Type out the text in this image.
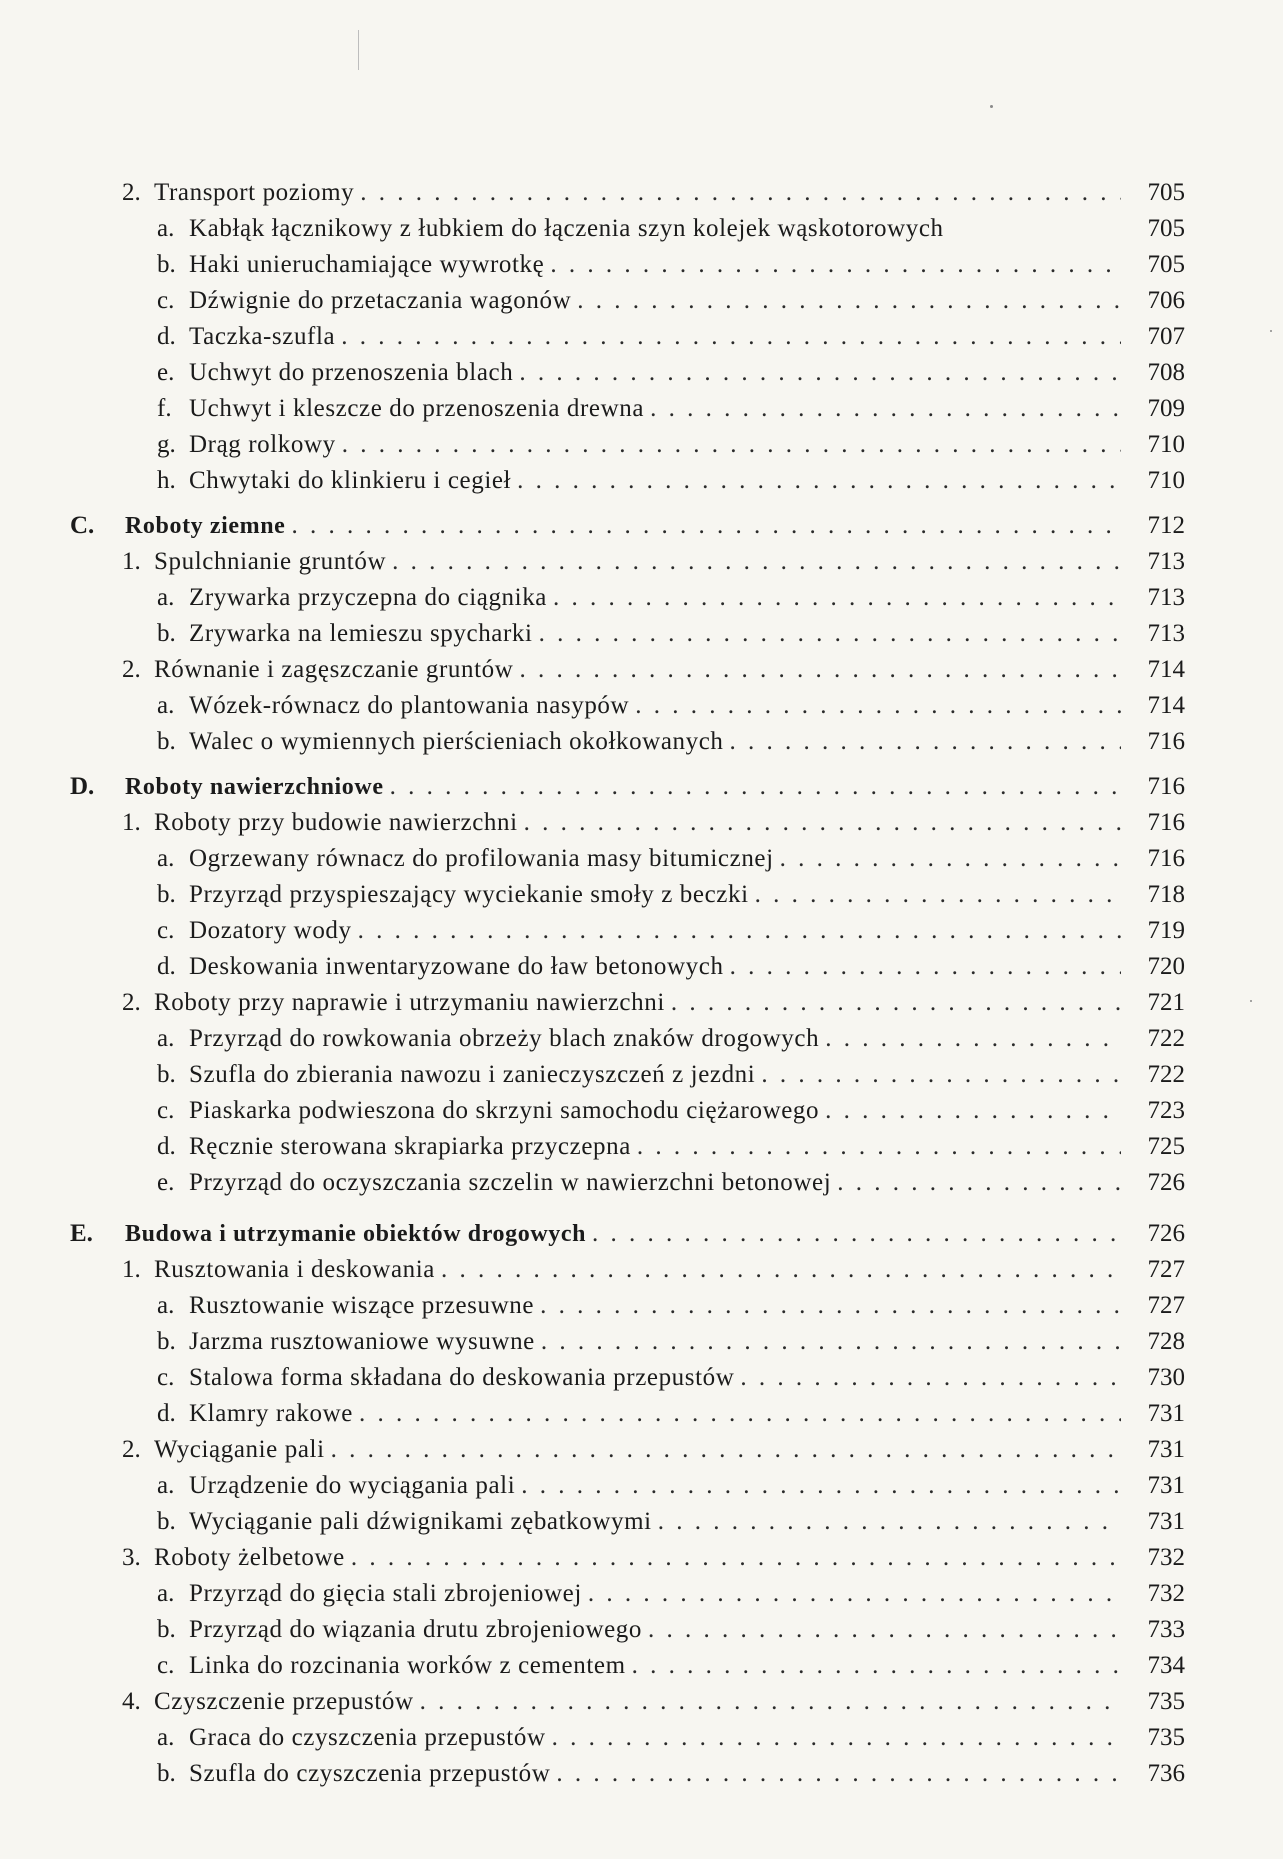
2. Transport poziomy . . .	705
a. Kabłąk łącznikowy z łubkiem do łączenia szyn kolejek wąskotorowych	705
b. Haki unieruchamiające wywrotkę . . .	705
c. Dźwignie do przetaczania wagonów . . .	706
d. Taczka-szufla . . .	707
e. Uchwyt do przenoszenia blach . . .	708
f. Uchwyt i kleszcze do przenoszenia drewna . . .	709
g. Drąg rolkowy . . .	710
h. Chwytaki do klinkieru i cegieł . . .	710
C.	Roboty ziemne . . .	712
1. Spulchnianie gruntów . . .	713
a. Zrywarka przyczepna do ciągnika . . .	713
b. Zrywarka na lemieszu spycharki . . .	713
2. Równanie i zagęszczanie gruntów . . .	714
a. Wózek-równacz do plantowania nasypów . . .	714
b. Walec o wymiennych pierścieniach okołkowanych . . .	716
D.	Roboty nawierzchniowe . . .	716
1. Roboty przy budowie nawierzchni . . .	716
a. Ogrzewany równacz do profilowania masy bitumicznej . . .	716
b. Przyrząd przyspieszający wyciekanie smoły z beczki . . .	718
c. Dozatory wody . . .	719
d. Deskowania inwentaryzowane do ław betonowych . . .	720
2. Roboty przy naprawie i utrzymaniu nawierzchni . . .	721
a. Przyrząd do rowkowania obrzeży blach znaków drogowych . . .	722
b. Szufla do zbierania nawozu i zanieczyszczeń z jezdni . . .	722
c. Piaskarka podwieszona do skrzyni samochodu ciężarowego . . .	723
d. Ręcznie sterowana skrapiarka przyczepna . . .	725
e. Przyrząd do oczyszczania szczelin w nawierzchni betonowej . . .	726
E.	Budowa i utrzymanie obiektów drogowych . . .	726
1. Rusztowania i deskowania . . .	727
a. Rusztowanie wiszące przesuwne . . .	727
b. Jarzma rusztowaniowe wysuwne . . .	728
c. Stalowa forma składana do deskowania przepustów . . .	730
d. Klamry rakowe . . .	731
2. Wyciąganie pali . . .	731
a. Urządzenie do wyciągania pali . . .	731
b. Wyciąganie pali dźwignikami zębatkowymi . . .	731
3. Roboty żelbetowe . . .	732
a. Przyrząd do gięcia stali zbrojeniowej . . .	732
b. Przyrząd do wiązania drutu zbrojeniowego . . .	733
c. Linka do rozcinania worków z cementem . . .	734
4. Czyszczenie przepustów . . .	735
a. Graca do czyszczenia przepustów . . .	735
b. Szufla do czyszczenia przepustów . . .	736
